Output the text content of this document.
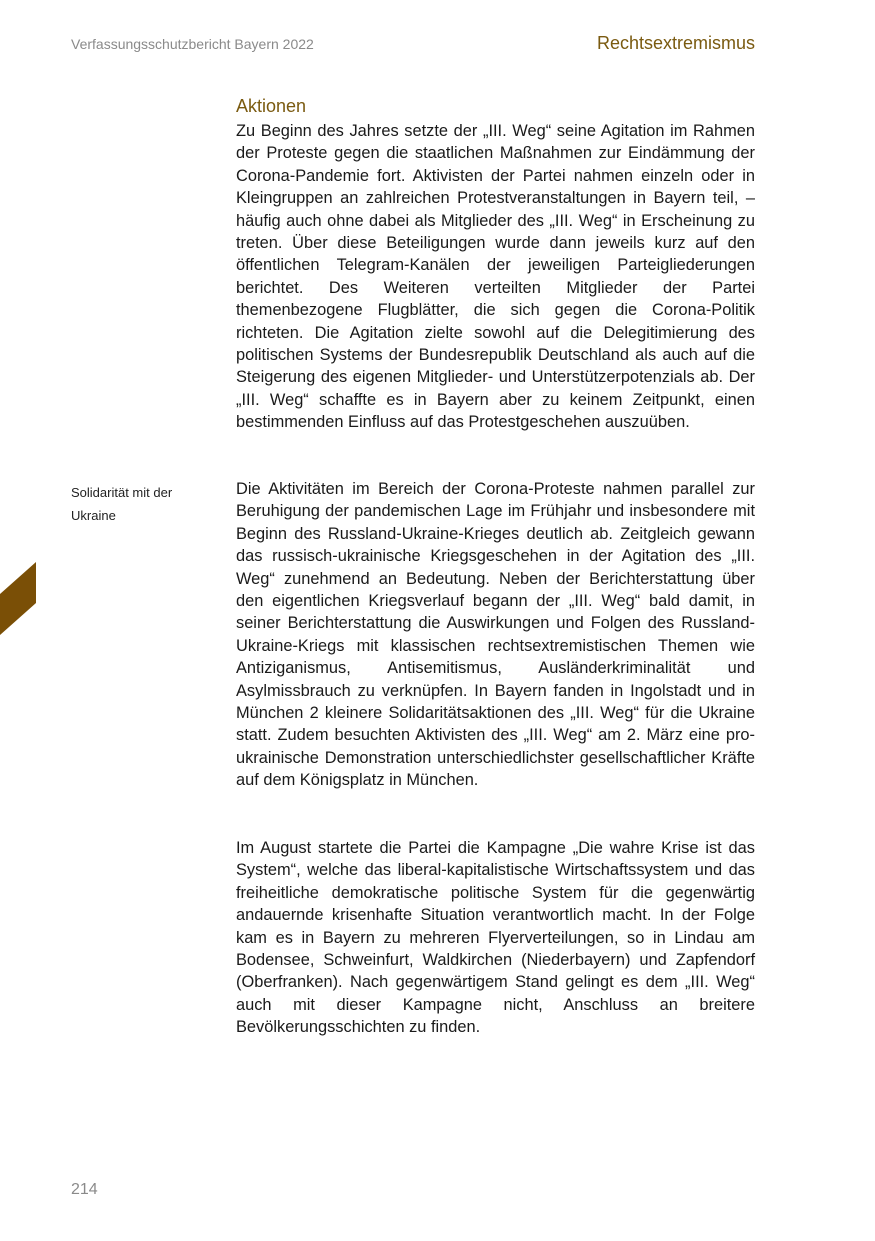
Verfassungsschutzbericht Bayern 2022	Rechtsextremismus
Aktionen

Zu Beginn des Jahres setzte der „III. Weg“ seine Agitation im Rahmen der Proteste gegen die staatlichen Maßnahmen zur Eindämmung der Corona-Pandemie fort. Aktivisten der Partei nahmen einzeln oder in Kleingruppen an zahlreichen Protestveranstaltungen in Bayern teil, –häufig auch ohne dabei als Mitglieder des „III. Weg“ in Erscheinung zu treten. Über diese Beteiligungen wurde dann jeweils kurz auf den öffentlichen Telegram-Kanälen der jeweiligen Parteigliederungen berichtet. Des Weiteren verteilten Mitglieder der Partei themenbezogene Flugblätter, die sich gegen die Corona-Politik richteten. Die Agitation zielte sowohl auf die Delegitimierung des politischen Systems der Bundesrepublik Deutschland als auch auf die Steigerung des eigenen Mitglieder- und Unterstützerpotenzials ab. Der „III. Weg“ schaffte es in Bayern aber zu keinem Zeitpunkt, einen bestimmenden Einfluss auf das Protestgeschehen auszuüben.

Solidarität mit der Ukraine

Die Aktivitäten im Bereich der Corona-Proteste nahmen parallel zur Beruhigung der pandemischen Lage im Frühjahr und insbesondere mit Beginn des Russland-Ukraine-Krieges deutlich ab. Zeitgleich gewann das russisch-ukrainische Kriegsgeschehen in der Agitation des „III. Weg“ zunehmend an Bedeutung. Neben der Berichterstattung über den eigentlichen Kriegsverlauf begann der „III. Weg“ bald damit, in seiner Berichterstattung die Auswirkungen und Folgen des Russland-Ukraine-Kriegs mit klassischen rechtsextremistischen Themen wie Antiziganismus, Antisemitismus, Ausländerkriminalität und Asylmissbrauch zu verknüpfen. In Bayern fanden in Ingolstadt und in München 2 kleinere Solidaritätsaktionen des „III. Weg“ für die Ukraine statt. Zudem besuchten Aktivisten des „III. Weg“ am 2. März eine pro-ukrainische Demonstration unterschiedlichster gesellschaftlicher Kräfte auf dem Königsplatz in München.

Im August startete die Partei die Kampagne „Die wahre Krise ist das System“, welche das liberal-kapitalistische Wirtschaftssystem und das freiheitliche demokratische politische System für die gegenwärtig andauernde krisenhafte Situation verantwortlich macht. In der Folge kam es in Bayern zu mehreren Flyerverteilungen, so in Lindau am Bodensee, Schweinfurt, Waldkirchen (Niederbayern) und Zapfendorf (Oberfranken). Nach gegenwärtigem Stand gelingt es dem „III. Weg“ auch mit dieser Kampagne nicht, Anschluss an breitere Bevölkerungsschichten zu finden.

214
